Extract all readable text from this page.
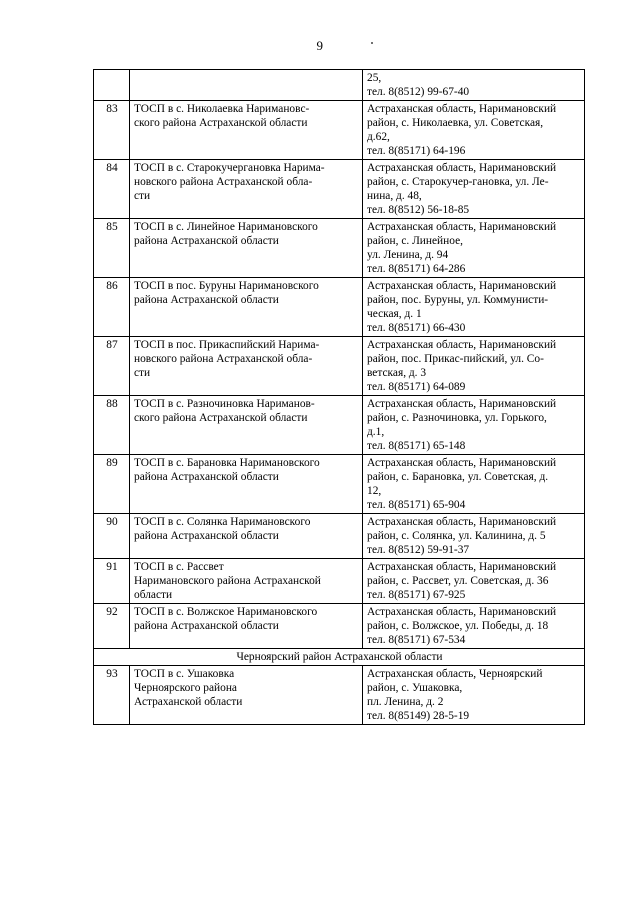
9

		25,
тел. 8(8512) 99-67-40

83	ТОСП в с. Николаевка Наримановс-
ского района Астраханской области	Астраханская область, Наримановский
район, с. Николаевка, ул. Советская,
д.62,
тел. 8(85171) 64-196

84	ТОСП в с. Старокучергановка Нарима-
новского района Астраханской обла-
сти	Астраханская область, Наримановский
район, с. Старокучер-гановка, ул. Ле-
нина, д. 48,
тел. 8(8512) 56-18-85

85	ТОСП в с. Линейное Наримановского
района Астраханской области	Астраханская область, Наримановский
район, с. Линейное,
ул. Ленина, д. 94
тел. 8(85171) 64-286

86	ТОСП в пос. Буруны Наримановского
района Астраханской области	Астраханская область, Наримановский
район, пос. Буруны, ул. Коммунисти-
ческая, д. 1
тел. 8(85171) 66-430

87	ТОСП в пос. Прикаспийский Нарима-
новского района Астраханской обла-
сти	Астраханская область, Наримановский
район, пос. Прикас-пийский, ул. Со-
ветская, д. 3
тел. 8(85171) 64-089

88	ТОСП в с. Разночиновка Нариманов-
ского района Астраханской области	Астраханская область, Наримановский
район, с. Разночиновка, ул. Горького,
д.1,
тел. 8(85171) 65-148

89	ТОСП в с. Барановка Наримановского
района Астраханской области	Астраханская область, Наримановский
район, с. Барановка, ул. Советская, д.
12,
тел. 8(85171) 65-904

90	ТОСП в с. Солянка Наримановского
района Астраханской области	Астраханская область, Наримановский
район, с. Солянка, ул. Калинина, д. 5
тел. 8(8512) 59-91-37

91	ТОСП в с. Рассвет
Наримановского района Астраханской
области	Астраханская область, Наримановский
район, с. Рассвет, ул. Советская, д. 36
тел. 8(85171) 67-925

92	ТОСП в с. Волжское Наримановского
района Астраханской области	Астраханская область, Наримановский
район, с. Волжское, ул. Победы, д. 18
тел. 8(85171) 67-534

Черноярский район Астраханской области		
93	ТОСП в с. Ушаковка
Черноярского района
Астраханской области	Астраханская область, Черноярский
район, с. Ушаковка,
пл. Ленина, д. 2
тел. 8(85149) 28-5-19
